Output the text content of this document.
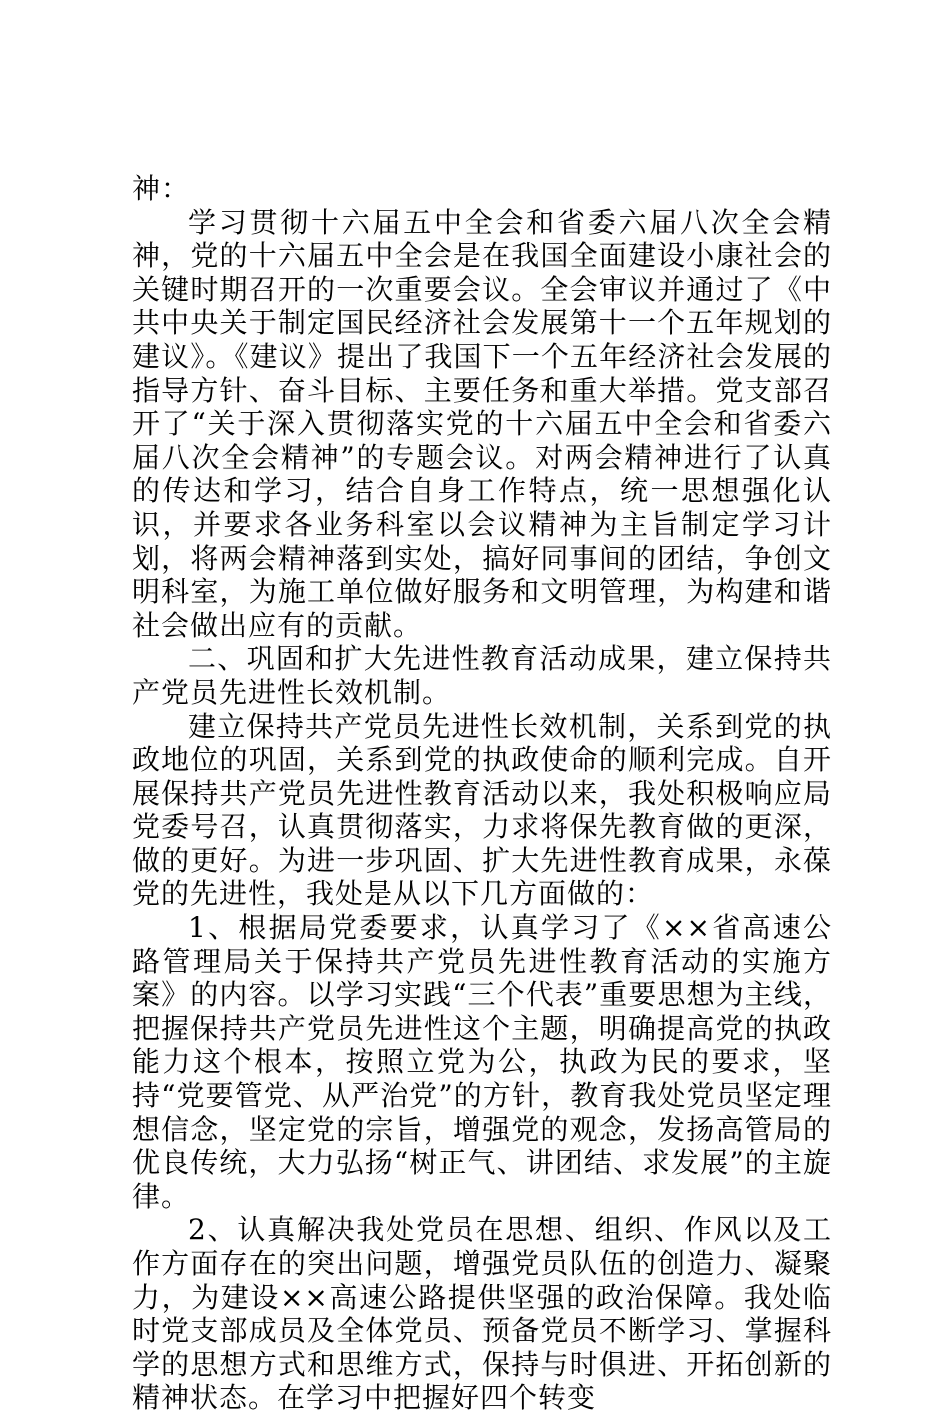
神：

学习贯彻十六届五中全会和省委六届八次全会精神，党的十六届五中全会是在我国全面建设小康社会的关键时期召开的一次重要会议。全会审议并通过了《中共中央关于制定国民经济社会发展第十一个五年规划的建议》。《建议》提出了我国下一个五年经济社会发展的指导方针、奋斗目标、主要任务和重大举措。党支部召开了“关于深入贯彻落实党的十六届五中全会和省委六届八次全会精神”的专题会议。对两会精神进行了认真的传达和学习，结合自身工作特点，统一思想强化认识，并要求各业务科室以会议精神为主旨制定学习计划，将两会精神落到实处，搞好同事间的团结，争创文明科室，为施工单位做好服务和文明管理，为构建和谐社会做出应有的贡献。

二、巩固和扩大先进性教育活动成果，建立保持共产党员先进性长效机制。

建立保持共产党员先进性长效机制，关系到党的执政地位的巩固，关系到党的执政使命的顺利完成。自开展保持共产党员先进性教育活动以来，我处积极响应局党委号召，认真贯彻落实，力求将保先教育做的更深，做的更好。为进一步巩固、扩大先进性教育成果，永葆党的先进性，我处是从以下几方面做的：

1、根据局党委要求，认真学习了《××省高速公路管理局关于保持共产党员先进性教育活动的实施方案》的内容。以学习实践“三个代表”重要思想为主线，把握保持共产党员先进性这个主题，明确提高党的执政能力这个根本，按照立党为公，执政为民的要求，坚持“党要管党、从严治党”的方针，教育我处党员坚定理想信念，坚定党的宗旨，增强党的观念，发扬高管局的优良传统，大力弘扬“树正气、讲团结、求发展”的主旋律。

2、认真解决我处党员在思想、组织、作风以及工作方面存在的突出问题，增强党员队伍的创造力、凝聚力，为建设××高速公路提供坚强的政治保障。我处临时党支部成员及全体党员、预备党员不断学习、掌握科学的思想方式和思维方式，保持与时俱进、开拓创新的精神状态。在学习中把握好四个转变
